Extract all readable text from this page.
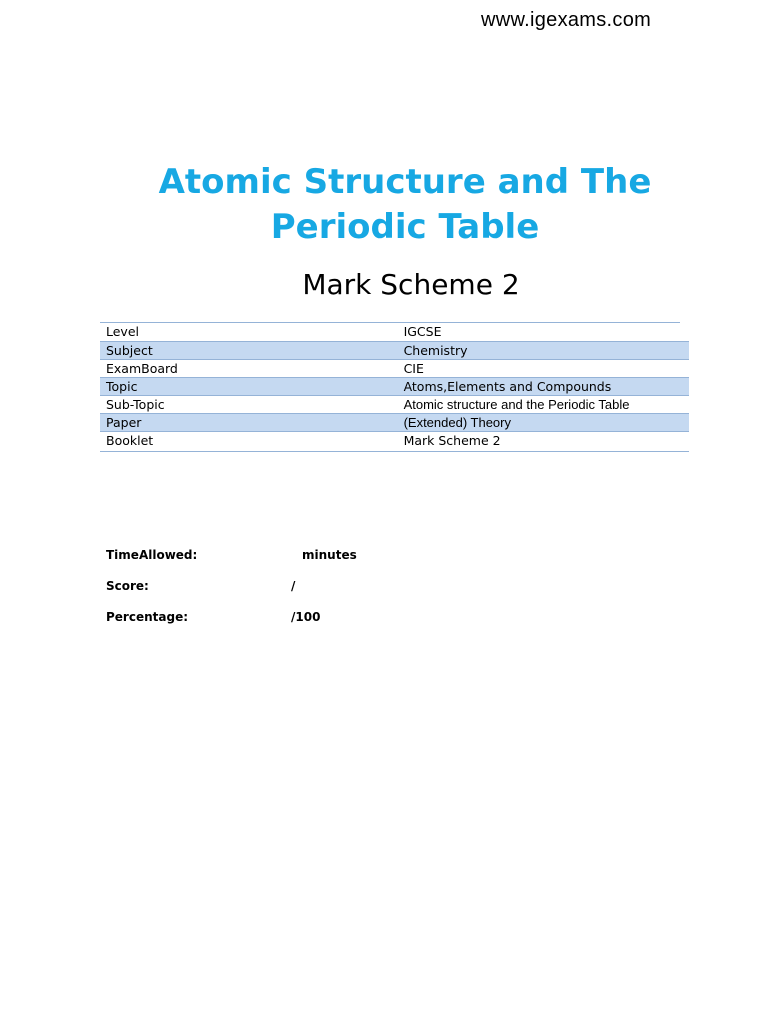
www.igexams.com
Atomic Structure and The
Periodic Table
Mark Scheme 2
Level	IGCSE
Subject	Chemistry
ExamBoard	CIE
Topic	Atoms,Elements and Compounds
Sub-Topic	Atomic structure and the Periodic Table
Paper	(Extended) Theory
Booklet	Mark Scheme 2
TimeAllowed:	minutes
Score:	/
Percentage:	/100
